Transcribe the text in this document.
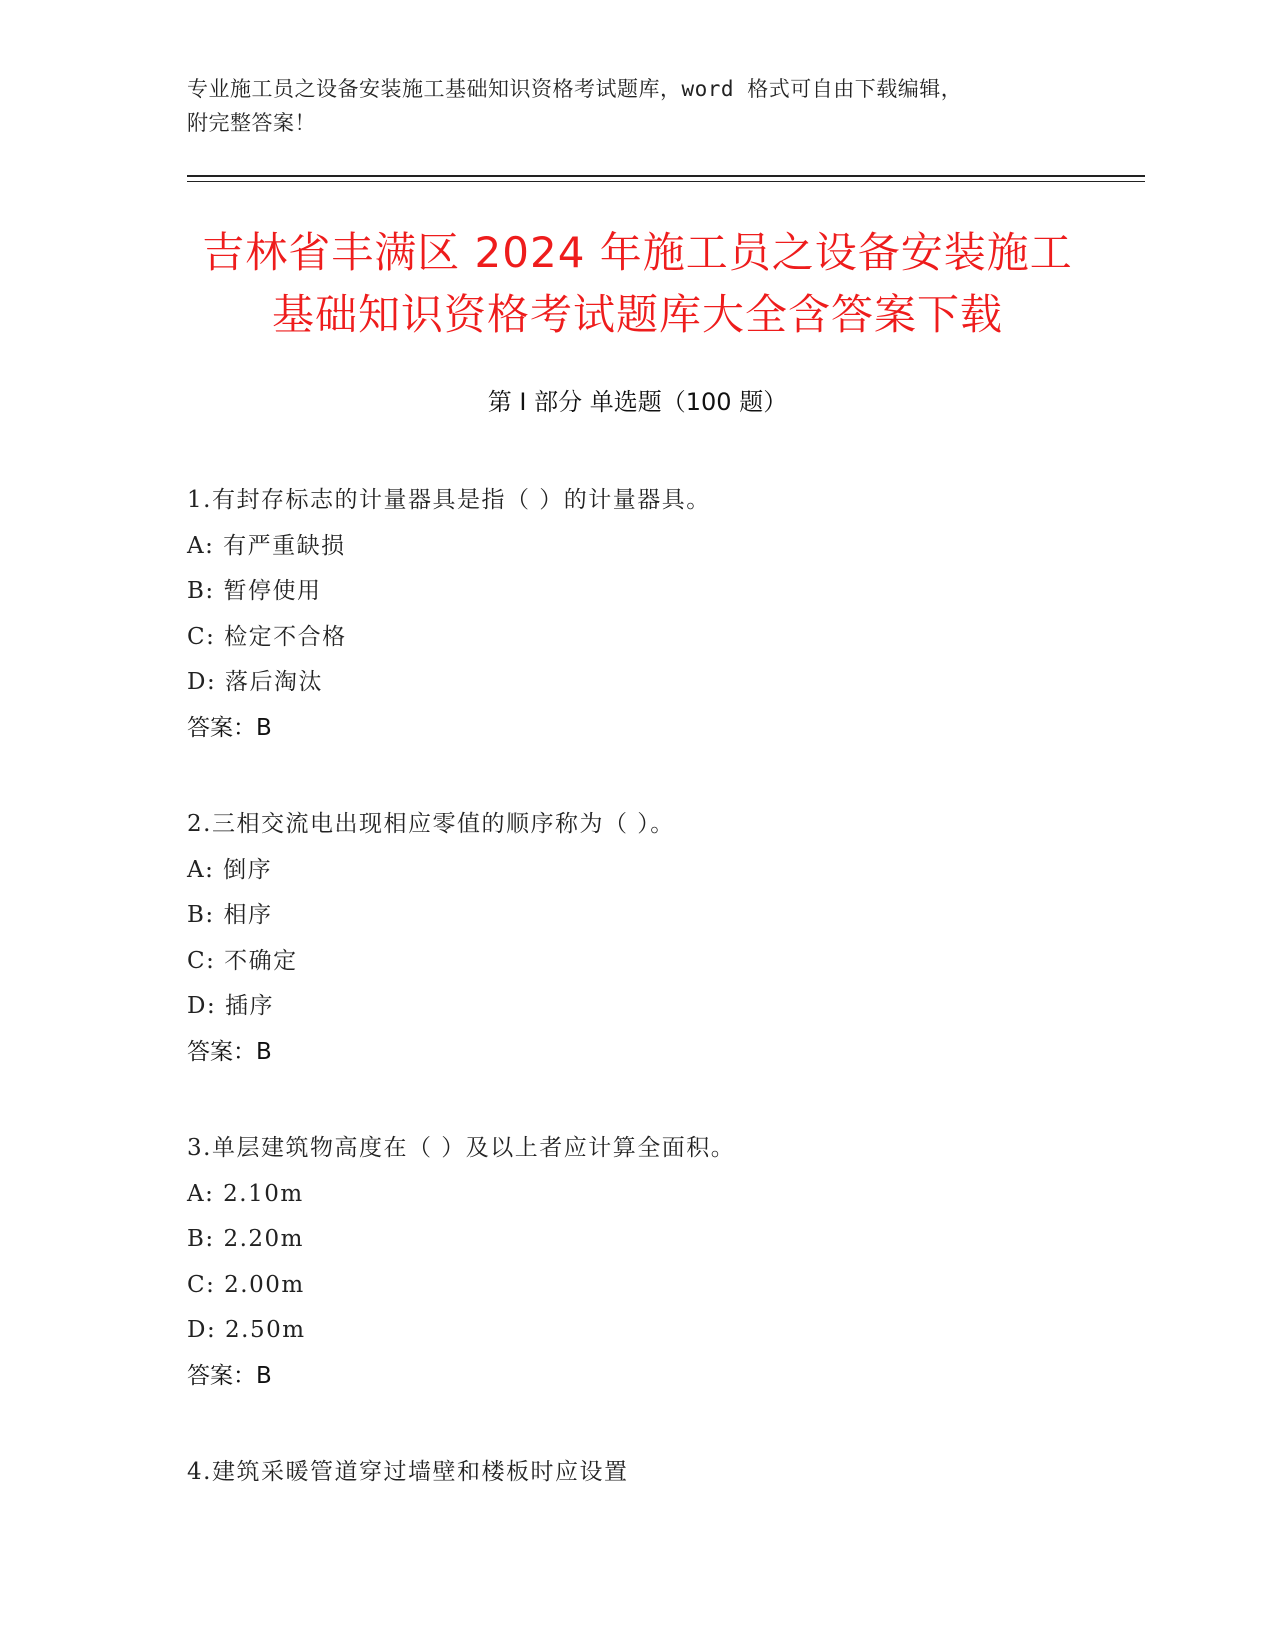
专业施工员之设备安装施工基础知识资格考试题库，word 格式可自由下载编辑，
附完整答案！
吉林省丰满区 2024 年施工员之设备安装施工
基础知识资格考试题库大全含答案下载
第 I 部分 单选题（100 题）
1.有封存标志的计量器具是指（ ）的计量器具。
A: 有严重缺损
B: 暂停使用
C: 检定不合格
D: 落后淘汰
答案：B
2.三相交流电出现相应零值的顺序称为（ ）。
A: 倒序
B: 相序
C: 不确定
D: 插序
答案：B
3.单层建筑物高度在（ ）及以上者应计算全面积。
A: 2.10m
B: 2.20m
C: 2.00m
D: 2.50m
答案：B
4.建筑采暖管道穿过墙壁和楼板时应设置
